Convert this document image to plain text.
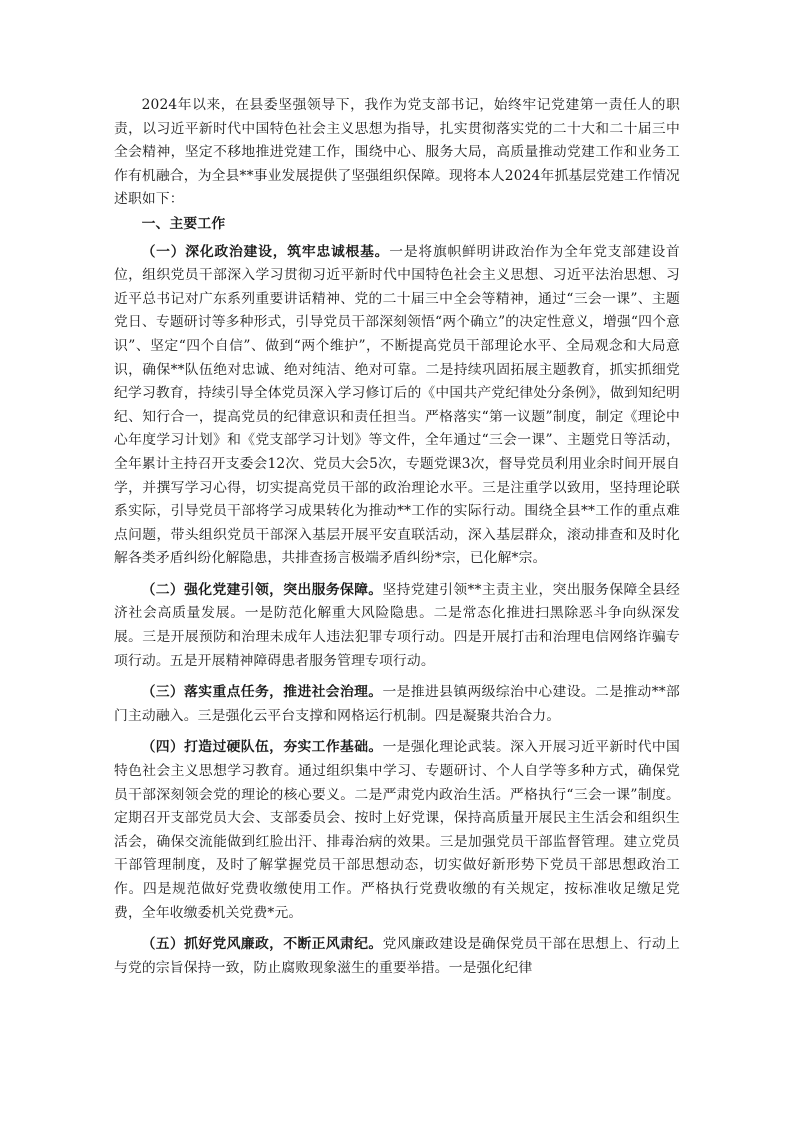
2024年以来，在县委坚强领导下，我作为党支部书记，始终牢记党建第一责任人的职责，以习近平新时代中国特色社会主义思想为指导，扎实贯彻落实党的二十大和二十届三中全会精神，坚定不移地推进党建工作，围绕中心、服务大局，高质量推动党建工作和业务工作有机融合，为全县**事业发展提供了坚强组织保障。现将本人2024年抓基层党建工作情况述职如下：

一、主要工作

（一）深化政治建设，筑牢忠诚根基。一是将旗帜鲜明讲政治作为全年党支部建设首位，组织党员干部深入学习贯彻习近平新时代中国特色社会主义思想、习近平法治思想、习近平总书记对广东系列重要讲话精神、党的二十届三中全会等精神，通过“三会一课”、主题党日、专题研讨等多种形式，引导党员干部深刻领悟“两个确立”的决定性意义，增强“四个意识”、坚定“四个自信”、做到“两个维护”，不断提高党员干部理论水平、全局观念和大局意识，确保**队伍绝对忠诚、绝对纯洁、绝对可靠。二是持续巩固拓展主题教育，抓实抓细党纪学习教育，持续引导全体党员深入学习修订后的《中国共产党纪律处分条例》，做到知纪明纪、知行合一，提高党员的纪律意识和责任担当。严格落实“第一议题”制度，制定《理论中心年度学习计划》和《党支部学习计划》等文件，全年通过“三会一课”、主题党日等活动，全年累计主持召开支委会12次、党员大会5次，专题党课3次，督导党员利用业余时间开展自学，并撰写学习心得，切实提高党员干部的政治理论水平。三是注重学以致用，坚持理论联系实际，引导党员干部将学习成果转化为推动**工作的实际行动。围绕全县**工作的重点难点问题，带头组织党员干部深入基层开展平安直联活动，深入基层群众，滚动排查和及时化解各类矛盾纠纷化解隐患，共排查扬言极端矛盾纠纷*宗，已化解*宗。

（二）强化党建引领，突出服务保障。坚持党建引领**主责主业，突出服务保障全县经济社会高质量发展。一是防范化解重大风险隐患。二是常态化推进扫黑除恶斗争向纵深发展。三是开展预防和治理未成年人违法犯罪专项行动。四是开展打击和治理电信网络诈骗专项行动。五是开展精神障碍患者服务管理专项行动。

（三）落实重点任务，推进社会治理。一是推进县镇两级综治中心建设。二是推动**部门主动融入。三是强化云平台支撑和网格运行机制。四是凝聚共治合力。

（四）打造过硬队伍，夯实工作基础。一是强化理论武装。深入开展习近平新时代中国特色社会主义思想学习教育。通过组织集中学习、专题研讨、个人自学等多种方式，确保党员干部深刻领会党的理论的核心要义。二是严肃党内政治生活。严格执行“三会一课”制度。定期召开支部党员大会、支部委员会、按时上好党课，保持高质量开展民主生活会和组织生活会，确保交流能做到红脸出汗、排毒治病的效果。三是加强党员干部监督管理。建立党员干部管理制度，及时了解掌握党员干部思想动态，切实做好新形势下党员干部思想政治工作。四是规范做好党费收缴使用工作。严格执行党费收缴的有关规定，按标准收足缴足党费，全年收缴委机关党费*元。

（五）抓好党风廉政，不断正风肃纪。党风廉政建设是确保党员干部在思想上、行动上与党的宗旨保持一致，防止腐败现象滋生的重要举措。一是强化纪律
